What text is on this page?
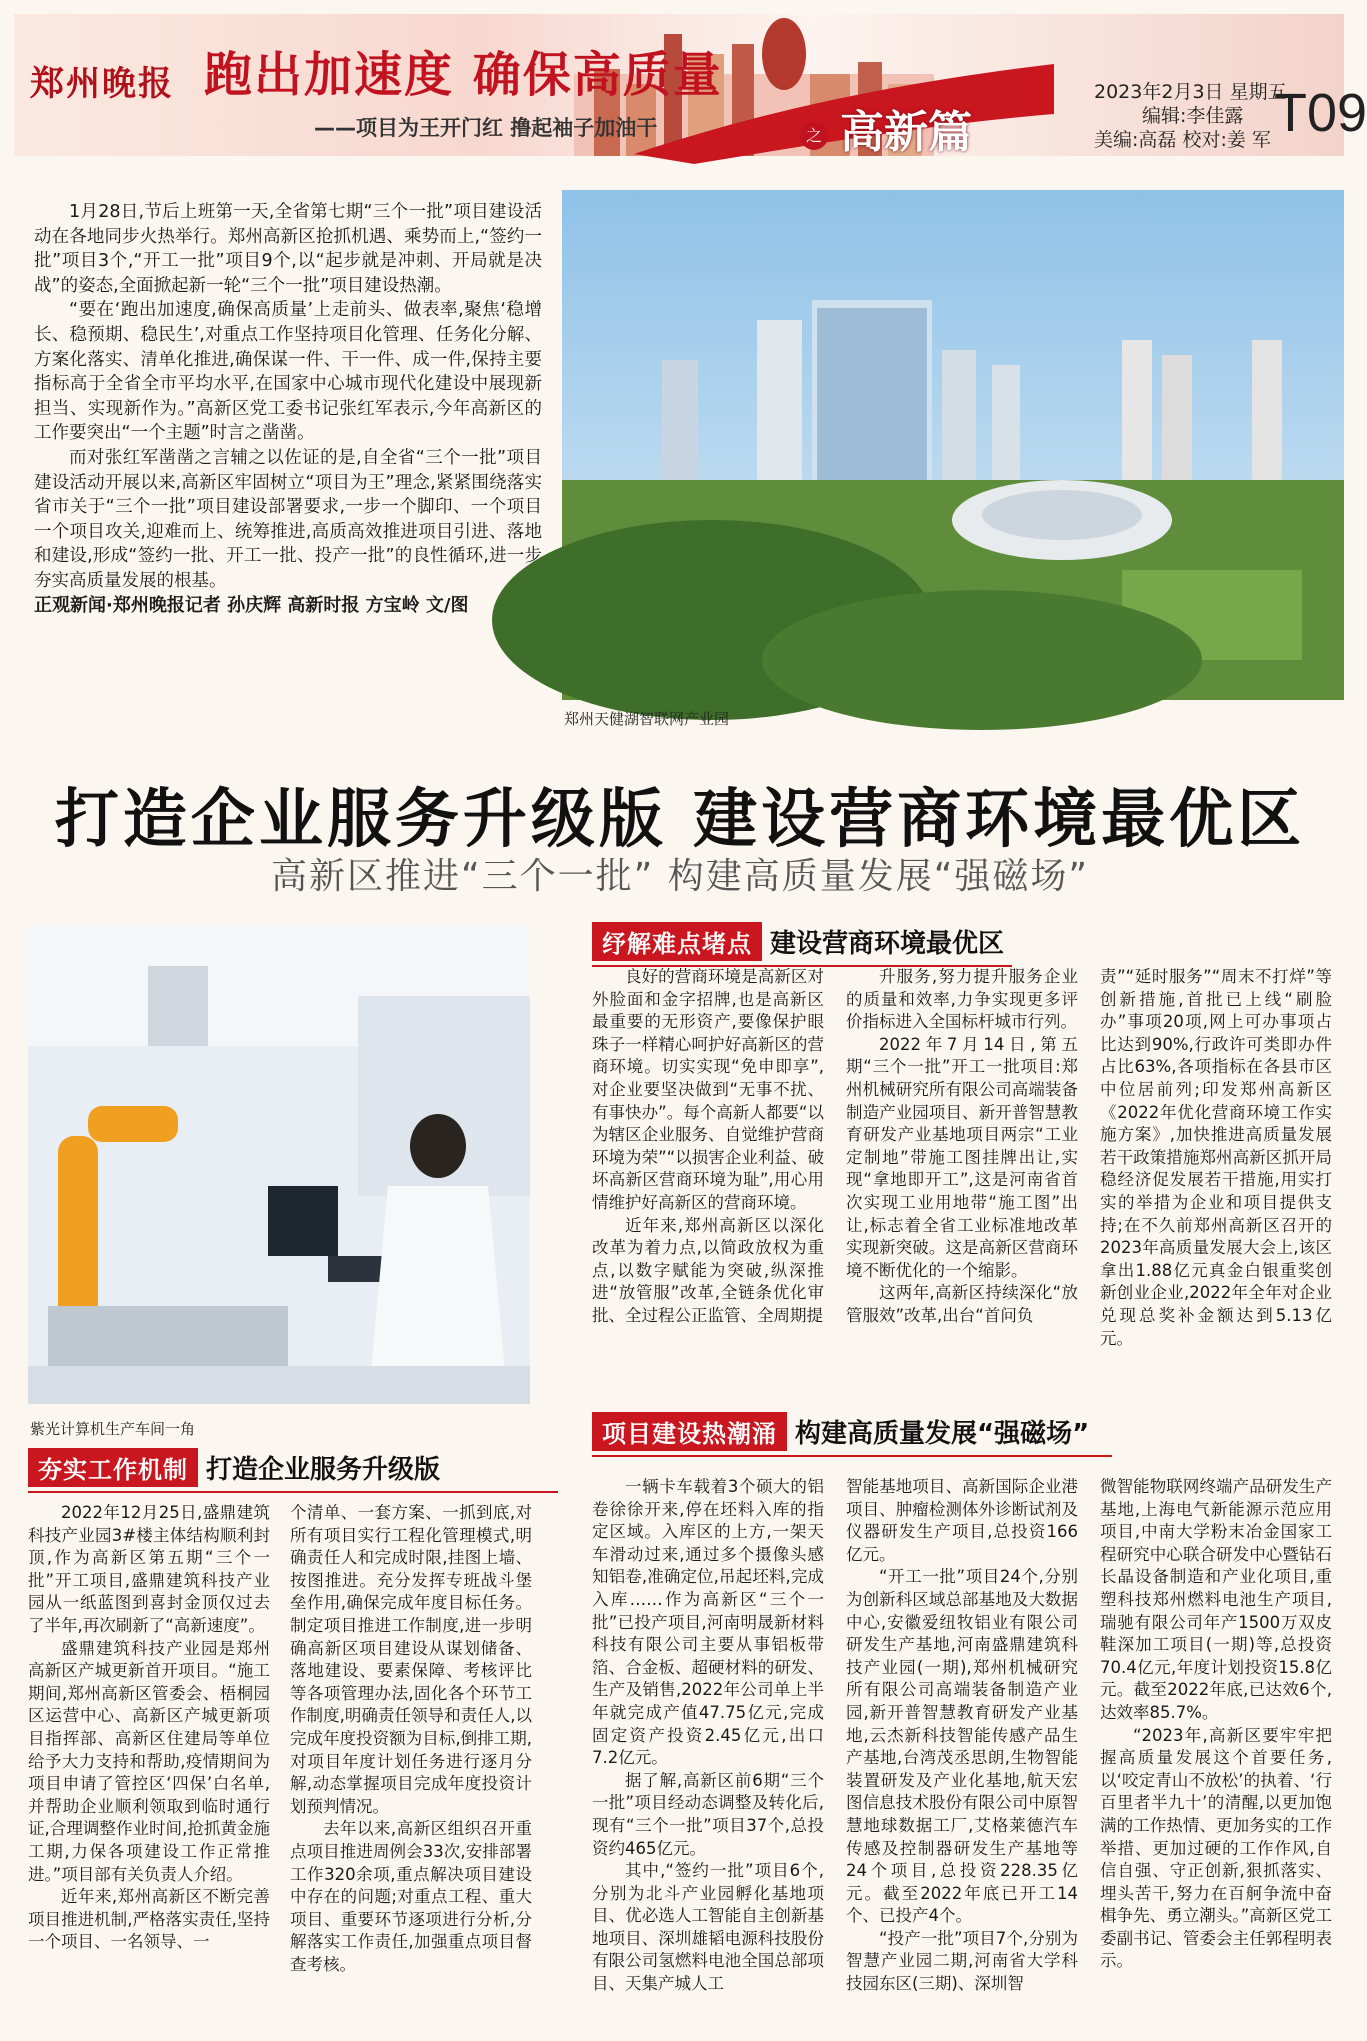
郑州晚报 跑出加速度 确保高质量
——项目为王开门红 撸起袖子加油干	之 高新篇
2023年2月3日 星期五
编辑:李佳露
美编:高磊 校对:姜 军 T09

1月28日,节后上班第一天,全省第七期“三个一批”项目建设活动在各地同步火热举行。郑州高新区抢抓机遇、乘势而上,“签约一批”项目3个,“开工一批”项目9个,以“起步就是冲刺、开局就是决战”的姿态,全面掀起新一轮“三个一批”项目建设热潮。

“要在‘跑出加速度,确保高质量’上走前头、做表率,聚焦‘稳增长、稳预期、稳民生’,对重点工作坚持项目化管理、任务化分解、方案化落实、清单化推进,确保谋一件、干一件、成一件,保持主要指标高于全省全市平均水平,在国家中心城市现代化建设中展现新担当、实现新作为。”高新区党工委书记张红军表示,今年高新区的工作要突出“一个主题”时言之凿凿。

而对张红军凿凿之言辅之以佐证的是,自全省“三个一批”项目建设活动开展以来,高新区牢固树立“项目为王”理念,紧紧围绕落实省市关于“三个一批”项目建设部署要求,一步一个脚印、一个项目一个项目攻关,迎难而上、统筹推进,高质高效推进项目引进、落地和建设,形成“签约一批、开工一批、投产一批”的良性循环,进一步夯实高质量发展的根基。

正观新闻·郑州晚报记者 孙庆辉 高新时报 方宝岭 文/图
郑州天健湖智联网产业园
打造企业服务升级版 建设营商环境最优区
高新区推进“三个一批” 构建高质量发展“强磁场”
紫光计算机生产车间一角
纾解难点堵点 建设营商环境最优区

良好的营商环境是高新区对外脸面和金字招牌,也是高新区最重要的无形资产,要像保护眼珠子一样精心呵护好高新区的营商环境。切实实现“免申即享”,对企业要坚决做到“无事不扰、有事快办”。每个高新人都要“以为辖区企业服务、自觉维护营商环境为荣”“以损害企业利益、破坏高新区营商环境为耻”,用心用情维护好高新区的营商环境。

近年来,郑州高新区以深化改革为着力点,以简政放权为重点,以数字赋能为突破,纵深推进“放管服”改革,全链条优化审批、全过程公正监管、全周期提

升服务,努力提升服务企业的质量和效率,力争实现更多评价指标进入全国标杆城市行列。

2022年7月14日,第五期“三个一批”开工一批项目:郑州机械研究所有限公司高端装备制造产业园项目、新开普智慧教育研发产业基地项目两宗“工业定制地”带施工图挂牌出让,实现“拿地即开工”,这是河南省首次实现工业用地带“施工图”出让,标志着全省工业标准地改革实现新突破。这是高新区营商环境不断优化的一个缩影。

这两年,高新区持续深化“放管服效”改革,出台“首问负

责”“延时服务”“周末不打烊”等创新措施,首批已上线“刷脸办”事项20项,网上可办事项占比达到90%,行政许可类即办件占比63%,各项指标在各县市区中位居前列;印发郑州高新区《2022年优化营商环境工作实施方案》,加快推进高质量发展若干政策措施郑州高新区抓开局稳经济促发展若干措施,用实打实的举措为企业和项目提供支持;在不久前郑州高新区召开的2023年高质量发展大会上,该区拿出1.88亿元真金白银重奖创新创业企业,2022年全年对企业兑现总奖补金额达到5.13亿元。

夯实工作机制 打造企业服务升级版

2022年12月25日,盛鼎建筑科技产业园3#楼主体结构顺利封顶,作为高新区第五期“三个一批”开工项目,盛鼎建筑科技产业园从一纸蓝图到喜封金顶仅过去了半年,再次刷新了“高新速度”。

盛鼎建筑科技产业园是郑州高新区产城更新首开项目。“施工期间,郑州高新区管委会、梧桐园区运营中心、高新区产城更新项目指挥部、高新区住建局等单位给予大力支持和帮助,疫情期间为项目申请了管控区‘四保’白名单,并帮助企业顺利领取到临时通行证,合理调整作业时间,抢抓黄金施工期,力保各项建设工作正常推进。”项目部有关负责人介绍。

近年来,郑州高新区不断完善项目推进机制,严格落实责任,坚持一个项目、一名领导、一

个清单、一套方案、一抓到底,对所有项目实行工程化管理模式,明确责任人和完成时限,挂图上墙、按图推进。充分发挥专班战斗堡垒作用,确保完成年度目标任务。制定项目推进工作制度,进一步明确高新区项目建设从谋划储备、落地建设、要素保障、考核评比等各项管理办法,固化各个环节工作制度,明确责任领导和责任人,以完成年度投资额为目标,倒排工期,对项目年度计划任务进行逐月分解,动态掌握项目完成年度投资计划预判情况。

去年以来,高新区组织召开重点项目推进周例会33次,安排部署工作320余项,重点解决项目建设中存在的问题;对重点工程、重大项目、重要环节逐项进行分析,分解落实工作责任,加强重点项目督查考核。

项目建设热潮涌 构建高质量发展“强磁场”

一辆卡车载着3个硕大的铝卷徐徐开来,停在坯料入库的指定区域。入库区的上方,一架天车滑动过来,通过多个摄像头感知铝卷,准确定位,吊起坯料,完成入库……作为高新区“三个一批”已投产项目,河南明晟新材料科技有限公司主要从事铝板带箔、合金板、超硬材料的研发、生产及销售,2022年公司单上半年就完成产值47.75亿元,完成固定资产投资2.45亿元,出口7.2亿元。

据了解,高新区前6期“三个一批”项目经动态调整及转化后,现有“三个一批”项目37个,总投资约465亿元。

其中,“签约一批”项目6个,分别为北斗产业园孵化基地项目、优必选人工智能自主创新基地项目、深圳雄韬电源科技股份有限公司氢燃料电池全国总部项目、天集产城人工

智能基地项目、高新国际企业港项目、肿瘤检测体外诊断试剂及仪器研发生产项目,总投资166亿元。

“开工一批”项目24个,分别为创新科区域总部基地及大数据中心,安徽爱纽牧铝业有限公司研发生产基地,河南盛鼎建筑科技产业园(一期),郑州机械研究所有限公司高端装备制造产业园,新开普智慧教育研发产业基地,云杰新科技智能传感产品生产基地,台湾茂丞思朗,生物智能装置研发及产业化基地,航天宏图信息技术股份有限公司中原智慧地球数据工厂,艾格莱德汽车传感及控制器研发生产基地等24个项目,总投资228.35亿元。截至2022年底已开工14个、已投产4个。

“投产一批”项目7个,分别为智慧产业园二期,河南省大学科技园东区(三期)、深圳智

微智能物联网终端产品研发生产基地,上海电气新能源示范应用项目,中南大学粉末冶金国家工程研究中心联合研发中心暨钻石长晶设备制造和产业化项目,重塑科技郑州燃料电池生产项目,瑞驰有限公司年产1500万双皮鞋深加工项目(一期)等,总投资70.4亿元,年度计划投资15.8亿元。截至2022年底,已达效6个,达效率85.7%。

“2023年,高新区要牢牢把握高质量发展这个首要任务,以‘咬定青山不放松’的执着、‘行百里者半九十’的清醒,以更加饱满的工作热情、更加务实的工作举措、更加过硬的工作作风,自信自强、守正创新,狠抓落实、埋头苦干,努力在百舸争流中奋楫争先、勇立潮头。”高新区党工委副书记、管委会主任郭程明表示。
